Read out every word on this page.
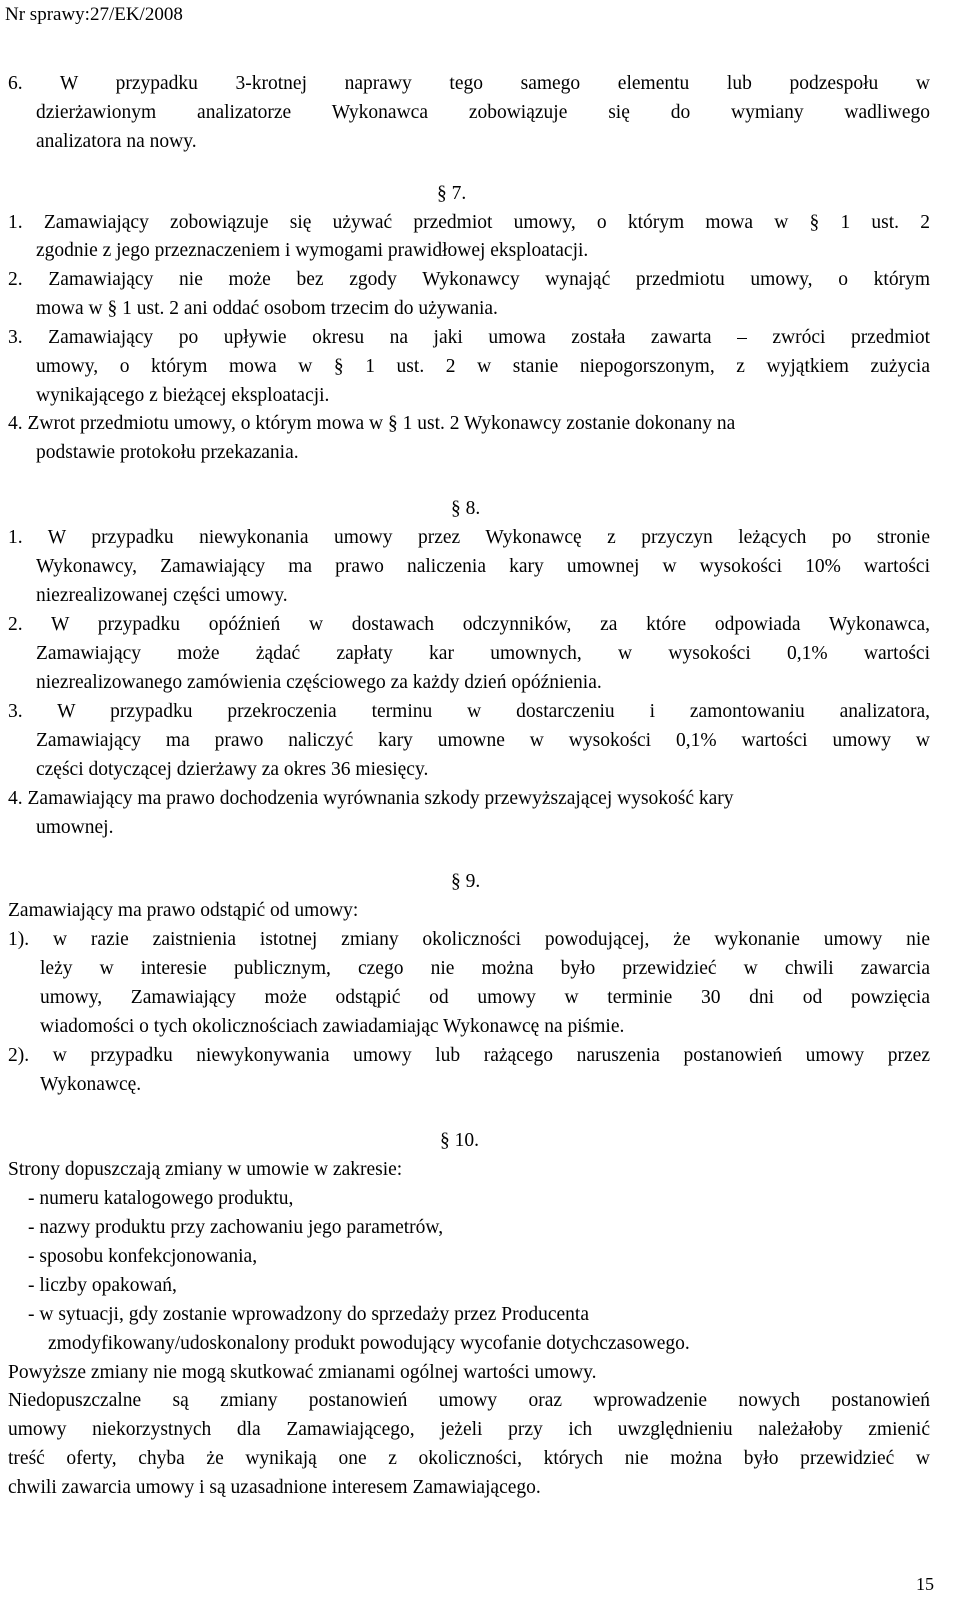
Nr sprawy:27/EK/2008
6. W przypadku 3-krotnej naprawy tego samego elementu lub podzespołu w
dzierżawionym analizatorze Wykonawca zobowiązuje się do wymiany wadliwego
analizatora na nowy.
§ 7.
1. Zamawiający zobowiązuje się używać przedmiot umowy, o którym mowa w § 1 ust. 2
zgodnie z jego przeznaczeniem i wymogami prawidłowej eksploatacji.
2. Zamawiający nie może bez zgody Wykonawcy wynająć przedmiotu umowy, o którym
mowa w § 1 ust. 2 ani oddać osobom trzecim do używania.
3. Zamawiający po upływie okresu na jaki umowa została zawarta – zwróci przedmiot
umowy, o którym mowa w § 1 ust. 2 w stanie niepogorszonym, z wyjątkiem zużycia
wynikającego z bieżącej eksploatacji.
4. Zwrot przedmiotu umowy, o którym mowa w § 1 ust. 2 Wykonawcy zostanie dokonany na
podstawie protokołu przekazania.
§ 8.
1. W przypadku niewykonania umowy przez Wykonawcę z przyczyn leżących po stronie
Wykonawcy, Zamawiający ma prawo naliczenia kary umownej w wysokości 10% wartości
niezrealizowanej części umowy.
2. W przypadku opóźnień w dostawach odczynników, za które odpowiada Wykonawca,
Zamawiający może żądać zapłaty kar umownych, w wysokości 0,1% wartości
niezrealizowanego zamówienia częściowego za każdy dzień opóźnienia.
3. W przypadku przekroczenia terminu w dostarczeniu i zamontowaniu analizatora,
Zamawiający ma prawo naliczyć kary umowne w wysokości 0,1% wartości umowy w
części dotyczącej dzierżawy za okres 36 miesięcy.
4. Zamawiający ma prawo dochodzenia wyrównania szkody przewyższającej wysokość kary
umownej.
§ 9.
Zamawiający ma prawo odstąpić od umowy:
1). w razie zaistnienia istotnej zmiany okoliczności powodującej, że wykonanie umowy nie
leży w interesie publicznym, czego nie można było przewidzieć w chwili zawarcia
umowy, Zamawiający może odstąpić od umowy w terminie 30 dni od powzięcia
wiadomości o tych okolicznościach zawiadamiając Wykonawcę na piśmie.
2). w przypadku niewykonywania umowy lub rażącego naruszenia postanowień umowy przez
Wykonawcę.
§ 10.
Strony dopuszczają zmiany w umowie w zakresie:
- numeru katalogowego produktu,
- nazwy produktu przy zachowaniu jego parametrów,
- sposobu konfekcjonowania,
- liczby opakowań,
- w sytuacji, gdy zostanie wprowadzony do sprzedaży przez Producenta
zmodyfikowany/udoskonalony produkt powodujący wycofanie dotychczasowego.
Powyższe zmiany nie mogą skutkować zmianami ogólnej wartości umowy.
Niedopuszczalne są zmiany postanowień umowy oraz wprowadzenie nowych postanowień
umowy niekorzystnych dla Zamawiającego, jeżeli przy ich uwzględnieniu należałoby zmienić
treść oferty, chyba że wynikają one z okoliczności, których nie można było przewidzieć w
chwili zawarcia umowy i są uzasadnione interesem Zamawiającego.
15
